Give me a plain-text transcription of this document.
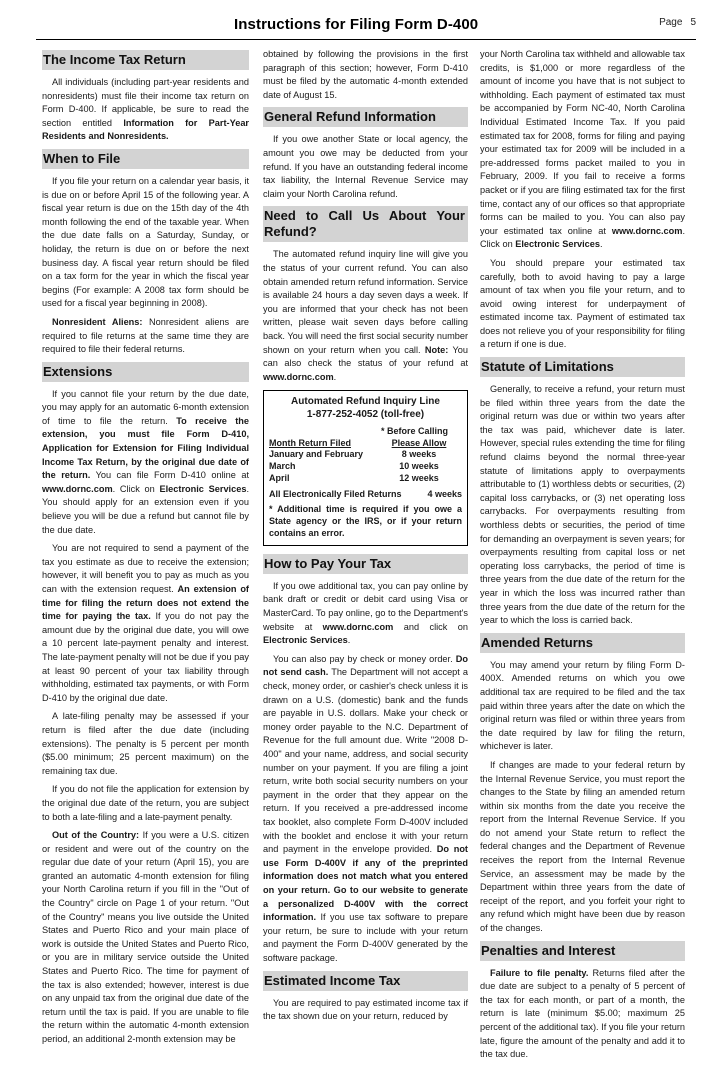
Instructions for Filing Form D-400	Page 5
The Income Tax Return

All individuals (including part-year residents and nonresidents) must file their income tax return on Form D-400. If applicable, be sure to read the section entitled Information for Part-Year Residents and Nonresidents.

When to File

If you file your return on a calendar year basis, it is due on or before April 15 of the following year. A fiscal year return is due on the 15th day of the 4th month following the end of the taxable year. When the due date falls on a Saturday, Sunday, or holiday, the return is due on or before the next business day. A fiscal year return should be filed on a tax form for the year in which the fiscal year begins (For example: A 2008 tax form should be used for a fiscal year beginning in 2008).

Nonresident Aliens: Nonresident aliens are required to file returns at the same time they are required to file their federal returns.

Extensions

If you cannot file your return by the due date, you may apply for an automatic 6-month extension of time to file the return. To receive the extension, you must file Form D-410, Application for Extension for Filing Individual Income Tax Return, by the original due date of the return. You can file Form D-410 online at www.dornc.com. Click on Electronic Services. You should apply for an extension even if you believe you will be due a refund but cannot file by the due date.

You are not required to send a payment of the tax you estimate as due to receive the extension; however, it will benefit you to pay as much as you can with the extension request. An extension of time for filing the return does not extend the time for paying the tax. If you do not pay the amount due by the original due date, you will owe a 10 percent late-payment penalty and interest. The late-payment penalty will not be due if you pay at least 90 percent of your tax liability through withholding, estimated tax payments, or with Form D-410 by the original due date.

A late-filing penalty may be assessed if your return is filed after the due date (including extensions). The penalty is 5 percent per month ($5.00 minimum; 25 percent maximum) on the remaining tax due.

If you do not file the application for extension by the original due date of the return, you are subject to both a late-filing and a late-payment penalty.

Out of the Country: If you were a U.S. citizen or resident and were out of the country on the regular due date of your return (April 15), you are granted an automatic 4-month extension for filing your North Carolina return if you fill in the "Out of the Country" circle on Page 1 of your return. "Out of the Country" means you live outside the United States and Puerto Rico and your main place of work is outside the United States and Puerto Rico, or you are in military service outside the United States and Puerto Rico. The time for payment of the tax is also extended; however, interest is due on any unpaid tax from the original due date of the return until the tax is paid. If you are unable to file the return within the automatic 4-month extension period, an additional 2-month extension may be

obtained by following the provisions in the first paragraph of this section; however, Form D-410 must be filed by the automatic 4-month extended date of August 15.

General Refund Information

If you owe another State or local agency, the amount you owe may be deducted from your refund. If you have an outstanding federal income tax liability, the Internal Revenue Service may claim your North Carolina refund.

Need to Call Us About Your Refund?

The automated refund inquiry line will give you the status of your current refund. You can also obtain amended return refund information. Service is available 24 hours a day seven days a week. If you are informed that your check has not been written, please wait seven days before calling back. You will need the first social security number shown on your return when you call. Note: You can also check the status of your refund at www.dornc.com.

Automated Refund Inquiry Line
1-877-252-4052 (toll-free)
* Before Calling
Month Return Filed	Please Allow
January and February	8 weeks
March	10 weeks
April	12 weeks
All Electronically Filed Returns	4 weeks
* Additional time is required if you owe a State agency or the IRS, or if your return contains an error.
How to Pay Your Tax

If you owe additional tax, you can pay online by bank draft or credit or debit card using Visa or MasterCard. To pay online, go to the Department's website at www.dornc.com and click on Electronic Services.

You can also pay by check or money order. Do not send cash. The Department will not accept a check, money order, or cashier's check unless it is drawn on a U.S. (domestic) bank and the funds are payable in U.S. dollars. Make your check or money order payable to the N.C. Department of Revenue for the full amount due. Write "2008 D-400" and your name, address, and social security number on your payment. If you are filing a joint return, write both social security numbers on your payment in the order that they appear on the return. If you received a pre-addressed income tax booklet, also complete Form D-400V included with the booklet and enclose it with your return and payment in the envelope provided. Do not use Form D-400V if any of the preprinted information does not match what you entered on your return. Go to our website to generate a personalized D-400V with the correct information. If you use tax software to prepare your return, be sure to include with your return and payment the Form D-400V generated by the software package.

Estimated Income Tax

You are required to pay estimated income tax if the tax shown due on your return, reduced by

your North Carolina tax withheld and allowable tax credits, is $1,000 or more regardless of the amount of income you have that is not subject to withholding. Each payment of estimated tax must be accompanied by Form NC-40, North Carolina Individual Estimated Income Tax. If you paid estimated tax for 2008, forms for filing and paying your estimated tax for 2009 will be included in a pre-addressed forms packet mailed to you in February, 2009. If you fail to receive a forms packet or if you are filing estimated tax for the first time, contact any of our offices so that appropriate forms can be mailed to you. You can also pay your estimated tax online at www.dornc.com. Click on Electronic Services.

You should prepare your estimated tax carefully, both to avoid having to pay a large amount of tax when you file your return, and to avoid owing interest for underpayment of estimated income tax. Payment of estimated tax does not relieve you of your responsibility for filing a return if one is due.

Statute of Limitations

Generally, to receive a refund, your return must be filed within three years from the date the original return was due or within two years after the tax was paid, whichever date is later. However, special rules extending the time for filing refund claims beyond the normal three-year statute of limitations apply to overpayments attributable to (1) worthless debts or securities, (2) capital loss carrybacks, or (3) net operating loss carrybacks. For overpayments resulting from worthless debts or securities, the period of time for demanding an overpayment is seven years; for overpayments resulting from capital loss or net operating loss carrybacks, the period of time is three years from the due date of the return for the year in which the loss was incurred rather than three years from the due date of the return for the year to which the loss is carried back.

Amended Returns

You may amend your return by filing Form D-400X. Amended returns on which you owe additional tax are required to be filed and the tax paid within three years after the date on which the original return was filed or within three years from the date required by law for filing the return, whichever is later.

If changes are made to your federal return by the Internal Revenue Service, you must report the changes to the State by filing an amended return within six months from the date you receive the report from the Internal Revenue Service. If you do not amend your State return to reflect the federal changes and the Department of Revenue receives the report from the Internal Revenue Service, an assessment may be made by the Department within three years from the date of receipt of the report, and you forfeit your right to any refund which might have been due by reason of the changes.

Penalties and Interest

Failure to file penalty. Returns filed after the due date are subject to a penalty of 5 percent of the tax for each month, or part of a month, the return is late (minimum $5.00; maximum 25 percent of the additional tax). If you file your return late, figure the amount of the penalty and add it to the tax due.
